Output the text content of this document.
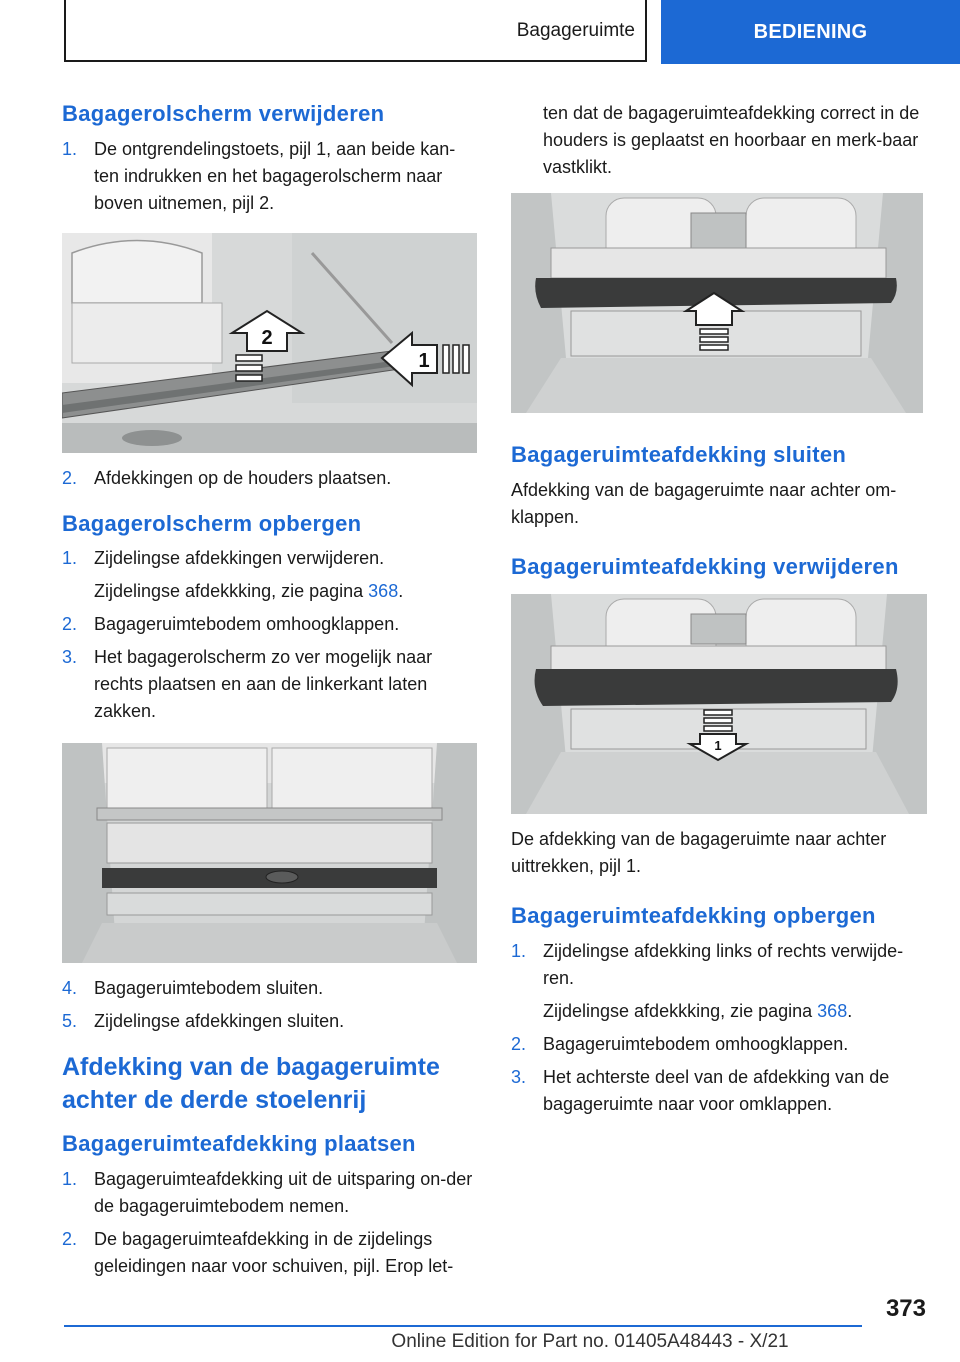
Bagageruimte	BEDIENING
Bagagerolscherm verwijderen
1. De ontgrendelingstoets, pijl 1, aan beide kan-ten indrukken en het bagagerolscherm naar boven uitnemen, pijl 2.
2
1
2. Afdekkingen op de houders plaatsen.
Bagagerolscherm opbergen
1. Zijdelingse afdekkingen verwijderen.
Zijdelingse afdekkking, zie pagina 368.
2. Bagageruimtebodem omhoogklappen.
3. Het bagagerolscherm zo ver mogelijk naar rechts plaatsen en aan de linkerkant laten zakken.
4. Bagageruimtebodem sluiten.
5. Zijdelingse afdekkingen sluiten.
Afdekking van de bagageruimte achter de derde stoelenrij
Bagageruimteafdekking plaatsen
1. Bagageruimteafdekking uit de uitsparing on-der de bagageruimtebodem nemen.
2. De bagageruimteafdekking in de zijdelings geleidingen naar voor schuiven, pijl. Erop let-
ten dat de bagageruimteafdekking correct in de houders is geplaatst en hoorbaar en merk-baar vastklikt.
Bagageruimteafdekking sluiten
Afdekking van de bagageruimte naar achter om-klappen.
Bagageruimteafdekking verwijderen
1
De afdekking van de bagageruimte naar achter uittrekken, pijl 1.
Bagageruimteafdekking opbergen
1. Zijdelingse afdekking links of rechts verwijde-ren.
Zijdelingse afdekkking, zie pagina 368.
2. Bagageruimtebodem omhoogklappen.
3. Het achterste deel van de afdekking van de bagageruimte naar voor omklappen.
373
Online Edition for Part no. 01405A48443 - X/21
